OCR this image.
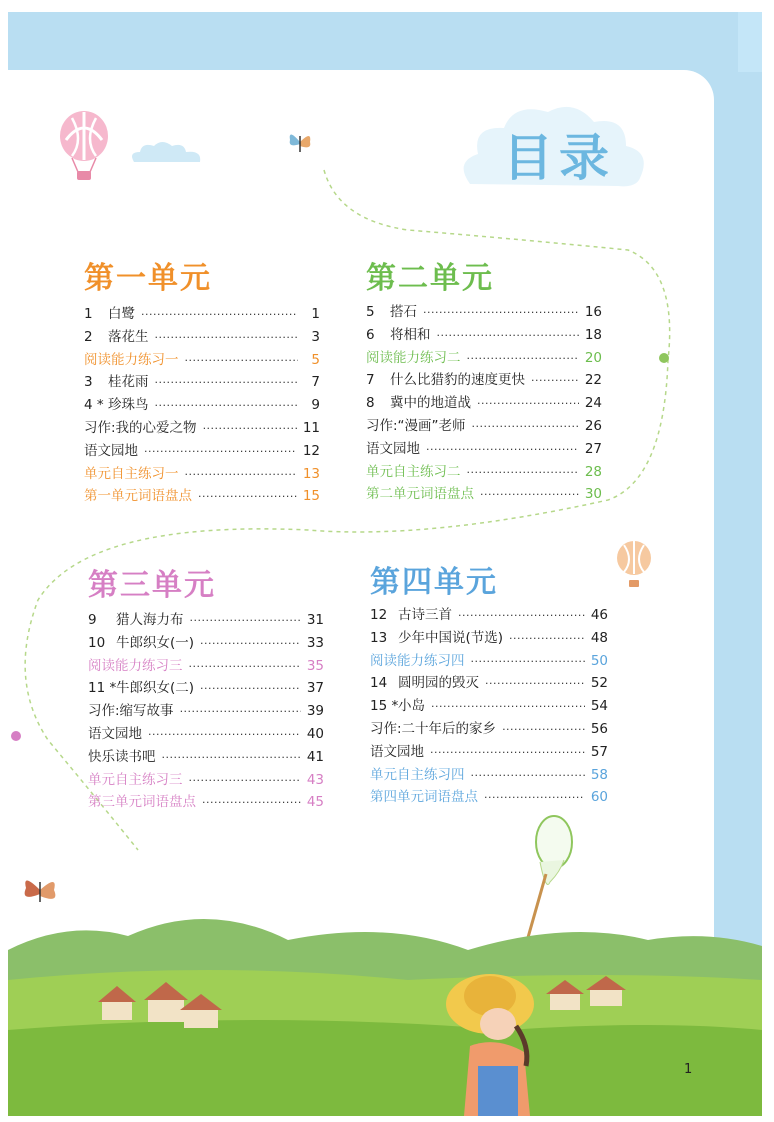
目录
第一单元
1	白鹭 ·····	1
2	落花生 ·····	3
阅读能力练习一 ·····	5
3	桂花雨 ·····	7
4 * 珍珠鸟 ·····	9
习作:我的心爱之物 ·····	11
语文园地 ·····	12
单元自主练习一 ·····	13
第一单元词语盘点 ·····	15
第二单元
5	搭石 ·····	16
6	将相和 ·····	18
阅读能力练习二 ·····	20
7	什么比猎豹的速度更快 ·····	22
8	冀中的地道战 ·····	24
习作:“漫画”老师 ·····	26
语文园地 ·····	27
单元自主练习二 ·····	28
第二单元词语盘点 ·····	30
第三单元
9	猎人海力布 ·····	31
10 牛郎织女(一) ·····	33
阅读能力练习三 ·····	35
11 * 牛郎织女(二) ·····	37
习作:缩写故事 ·····	39
语文园地 ·····	40
快乐读书吧 ·····	41
单元自主练习三 ·····	43
第三单元词语盘点 ·····	45
第四单元
12 古诗三首 ·····	46
13 少年中国说(节选) ·····	48
阅读能力练习四 ·····	50
14 圆明园的毁灭 ·····	52
15 * 小岛 ·····	54
习作:二十年后的家乡 ·····	56
语文园地 ·····	57
单元自主练习四 ·····	58
第四单元词语盘点 ·····	60
1
